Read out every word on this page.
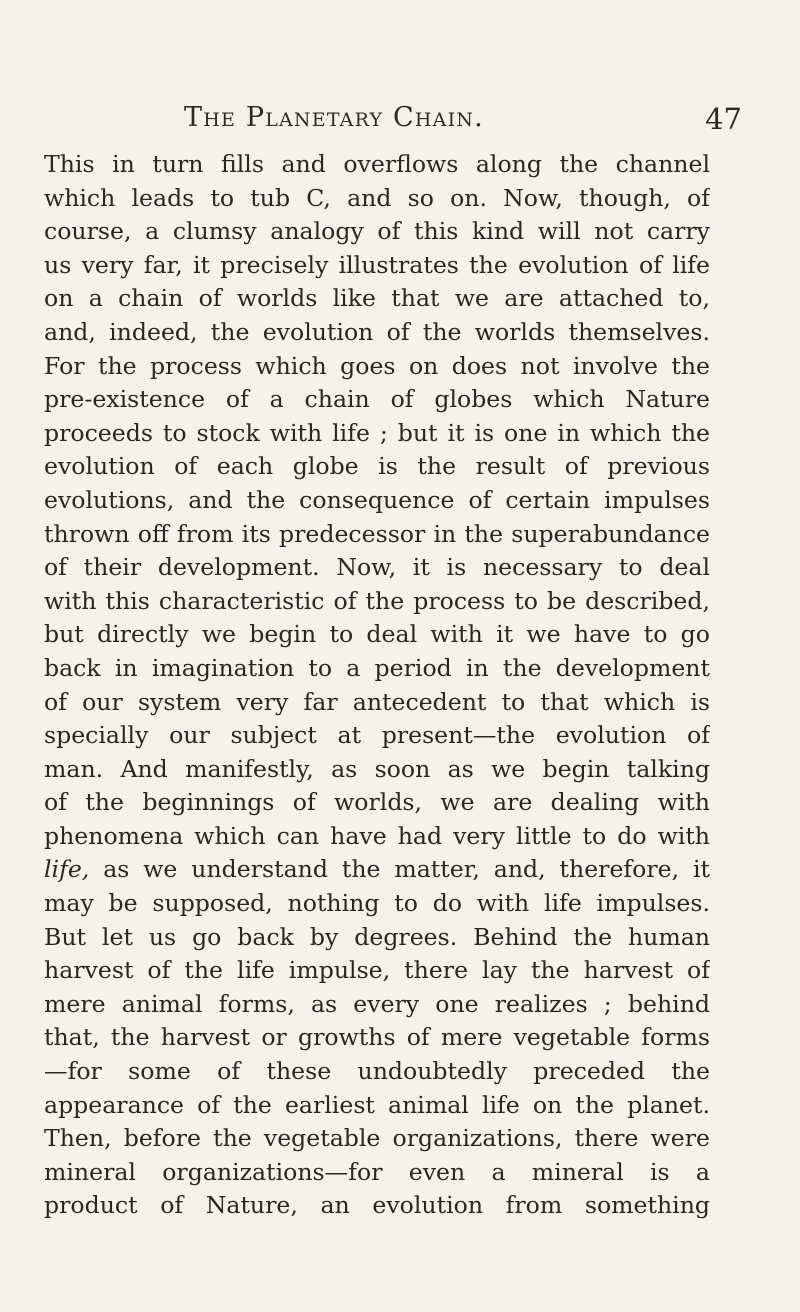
The Planetary Chain.	47
This in turn fills and overflows along the channel
which leads to tub C, and so on. Now, though, of
course, a clumsy analogy of this kind will not carry
us very far, it precisely illustrates the evolution of life
on a chain of worlds like that we are attached to,
and, indeed, the evolution of the worlds themselves.
For the process which goes on does not involve the
pre-existence of a chain of globes which Nature
proceeds to stock with life ; but it is one in which the
evolution of each globe is the result of previous
evolutions, and the consequence of certain impulses
thrown off from its predecessor in the superabundance
of their development. Now, it is necessary to deal
with this characteristic of the process to be described,
but directly we begin to deal with it we have to go
back in imagination to a period in the development
of our system very far antecedent to that which is
specially our subject at present—the evolution of
man. And manifestly, as soon as we begin talking
of the beginnings of worlds, we are dealing with
phenomena which can have had very little to do with
life, as we understand the matter, and, therefore, it
may be supposed, nothing to do with life impulses.
But let us go back by degrees. Behind the human
harvest of the life impulse, there lay the harvest of
mere animal forms, as every one realizes ; behind
that, the harvest or growths of mere vegetable forms
—for some of these undoubtedly preceded the
appearance of the earliest animal life on the planet.
Then, before the vegetable organizations, there were
mineral organizations—for even a mineral is a
product of Nature, an evolution from something
